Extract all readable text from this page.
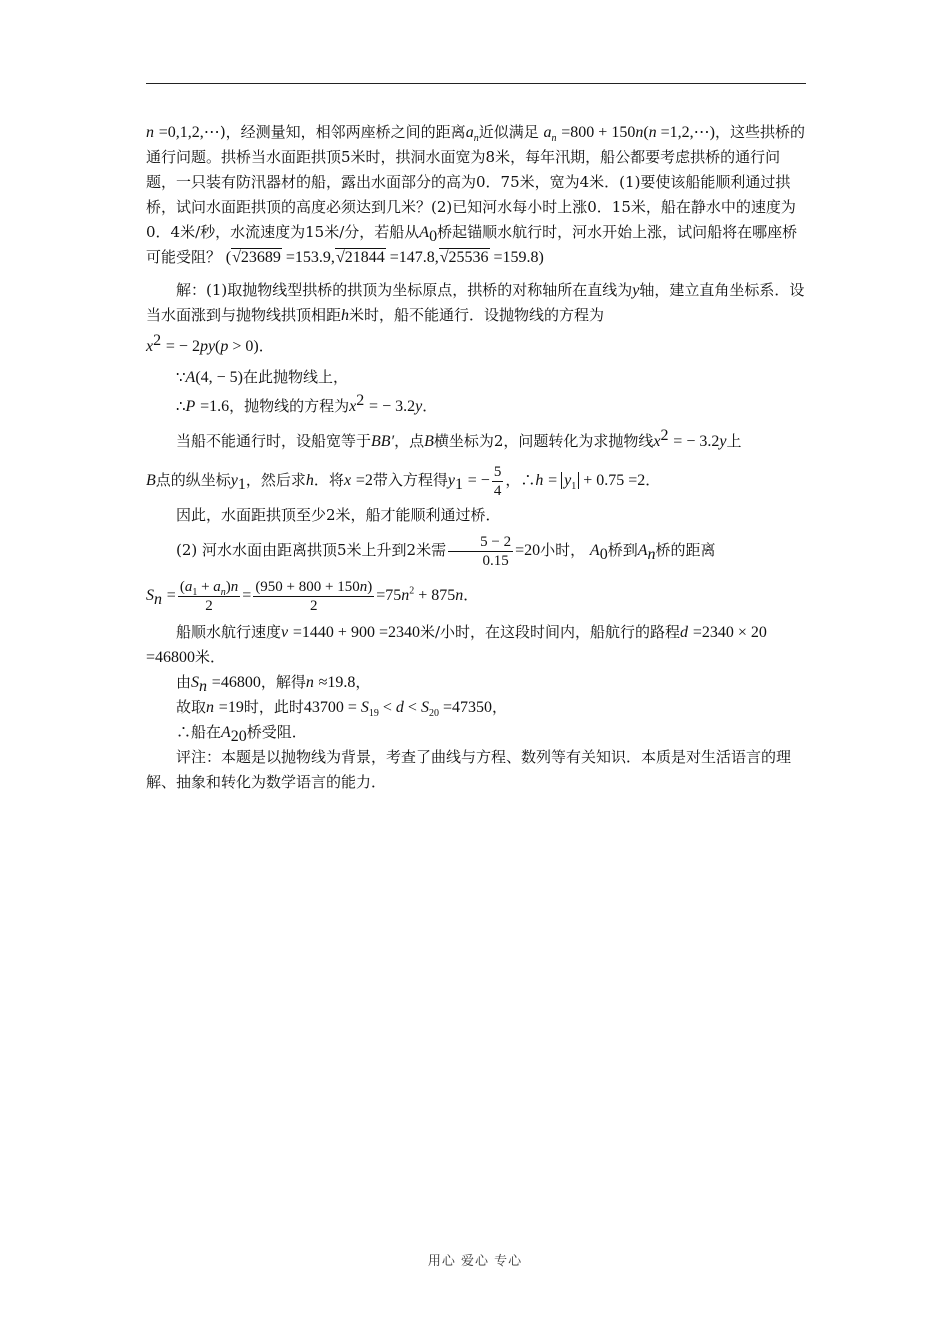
n =0,1,2,⋯)，经测量知，相邻两座桥之间的距离$a_n$近似满足 $a_n =800 + 150n(n$ =1,2,⋯)，这些拱桥的通行问题。拱桥当水面距拱顶5米时，拱洞水面宽为8米，每年汛期，船公都要考虑拱桥的通行问题，一只装有防汛器材的船，露出水面部分的高为0．75米，宽为4米．(1)要使该船能顺利通过拱桥，试问水面距拱顶的高度必须达到几米？(2)已知河水每小时上涨0．15米，船在静水中的速度为0．4米/秒，水流速度为15米/分，若船从$A_0$桥起锚顺水航行时，河水开始上涨，试问船将在哪座桥可能受阻？ (√23689 =153.9,√21844 =147.8,√25536 =159.8)

解：(1)取抛物线型拱桥的拱顶为坐标原点，拱桥的对称轴所在直线为y轴，建立直角坐标系．设当水面涨到与抛物线拱顶相距h米时，船不能通行．设抛物线的方程为

$x^2$ = − 2py(p > 0)．

∵A(4, − 5)在此抛物线上，

∴P =1.6，抛物线的方程为$x^2$ = − 3.2y．

当船不能通行时，设船宽等于BB′，点B横坐标为2，问题转化为求抛物线$x^2$ = − 3.2y上

B点的纵坐标$y_1$，然后求h．将x =2带入方程得$y_1$ = − $\frac{5}{4}$ ，∴h = $y_1 + 0.75 =2$．

因此，水面距拱顶至少2米，船才能顺利通过桥．

(2) 河水水面由距离拱顶5米上升到2米需 $\frac{5 - 2}{0.15} =20$小时， $A_0$桥到$A_n$桥的距离

$S_n = \frac{(a_1 + a_n)n}{2} = \frac{(950 + 800 + 150n)}{2} =75n^2 + 875n$．

船顺水航行速度v =1440 + 900 =2340米/小时，在这段时间内，船航行的路程d =2340 × 20 =46800米．

由$S_n =46800$，解得n ≈19.8，

故取n =19时，此时$43700 = S_{19} < d < S_{20} =47350$，

∴船在$A_{20}$桥受阻．

评注：本题是以抛物线为背景，考查了曲线与方程、数列等有关知识．本质是对生活语言的理解、抽象和转化为数学语言的能力．

用心 爱心 专心
